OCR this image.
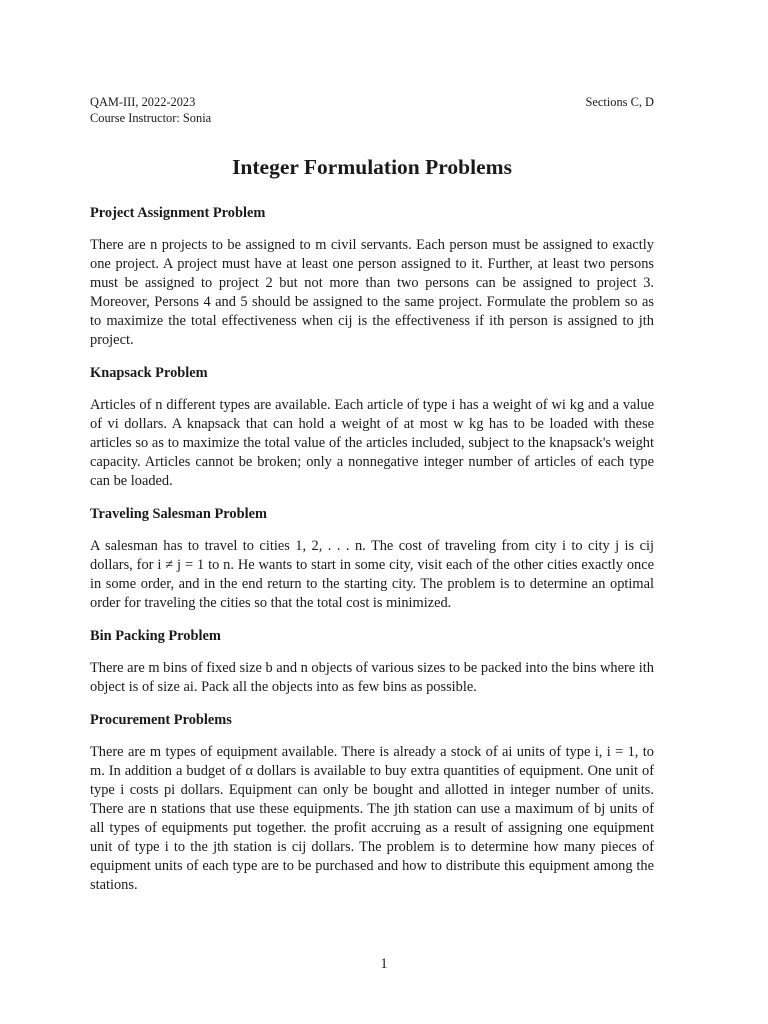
QAM-III, 2022-2023
Course Instructor: Sonia
Sections C, D
Integer Formulation Problems
Project Assignment Problem

There are n projects to be assigned to m civil servants. Each person must be assigned to exactly one project. A project must have at least one person assigned to it. Further, at least two persons must be assigned to project 2 but not more than two persons can be assigned to project 3. Moreover, Persons 4 and 5 should be assigned to the same project. Formulate the problem so as to maximize the total effectiveness when cij is the effectiveness if ith person is assigned to jth project.

Knapsack Problem

Articles of n different types are available. Each article of type i has a weight of wi kg and a value of vi dollars. A knapsack that can hold a weight of at most w kg has to be loaded with these articles so as to maximize the total value of the articles included, subject to the knapsack's weight capacity. Articles cannot be broken; only a nonnegative integer number of articles of each type can be loaded.

Traveling Salesman Problem

A salesman has to travel to cities 1, 2, . . . n. The cost of traveling from city i to city j is cij dollars, for i ≠ j = 1 to n. He wants to start in some city, visit each of the other cities exactly once in some order, and in the end return to the starting city. The problem is to determine an optimal order for traveling the cities so that the total cost is minimized.

Bin Packing Problem

There are m bins of fixed size b and n objects of various sizes to be packed into the bins where ith object is of size ai. Pack all the objects into as few bins as possible.

Procurement Problems

There are m types of equipment available. There is already a stock of ai units of type i, i = 1, to m. In addition a budget of α dollars is available to buy extra quantities of equipment. One unit of type i costs pi dollars. Equipment can only be bought and allotted in integer number of units. There are n stations that use these equipments. The jth station can use a maximum of bj units of all types of equipments put together. the profit accruing as a result of assigning one equipment unit of type i to the jth station is cij dollars. The problem is to determine how many pieces of equipment units of each type are to be purchased and how to distribute this equipment among the stations.

1
